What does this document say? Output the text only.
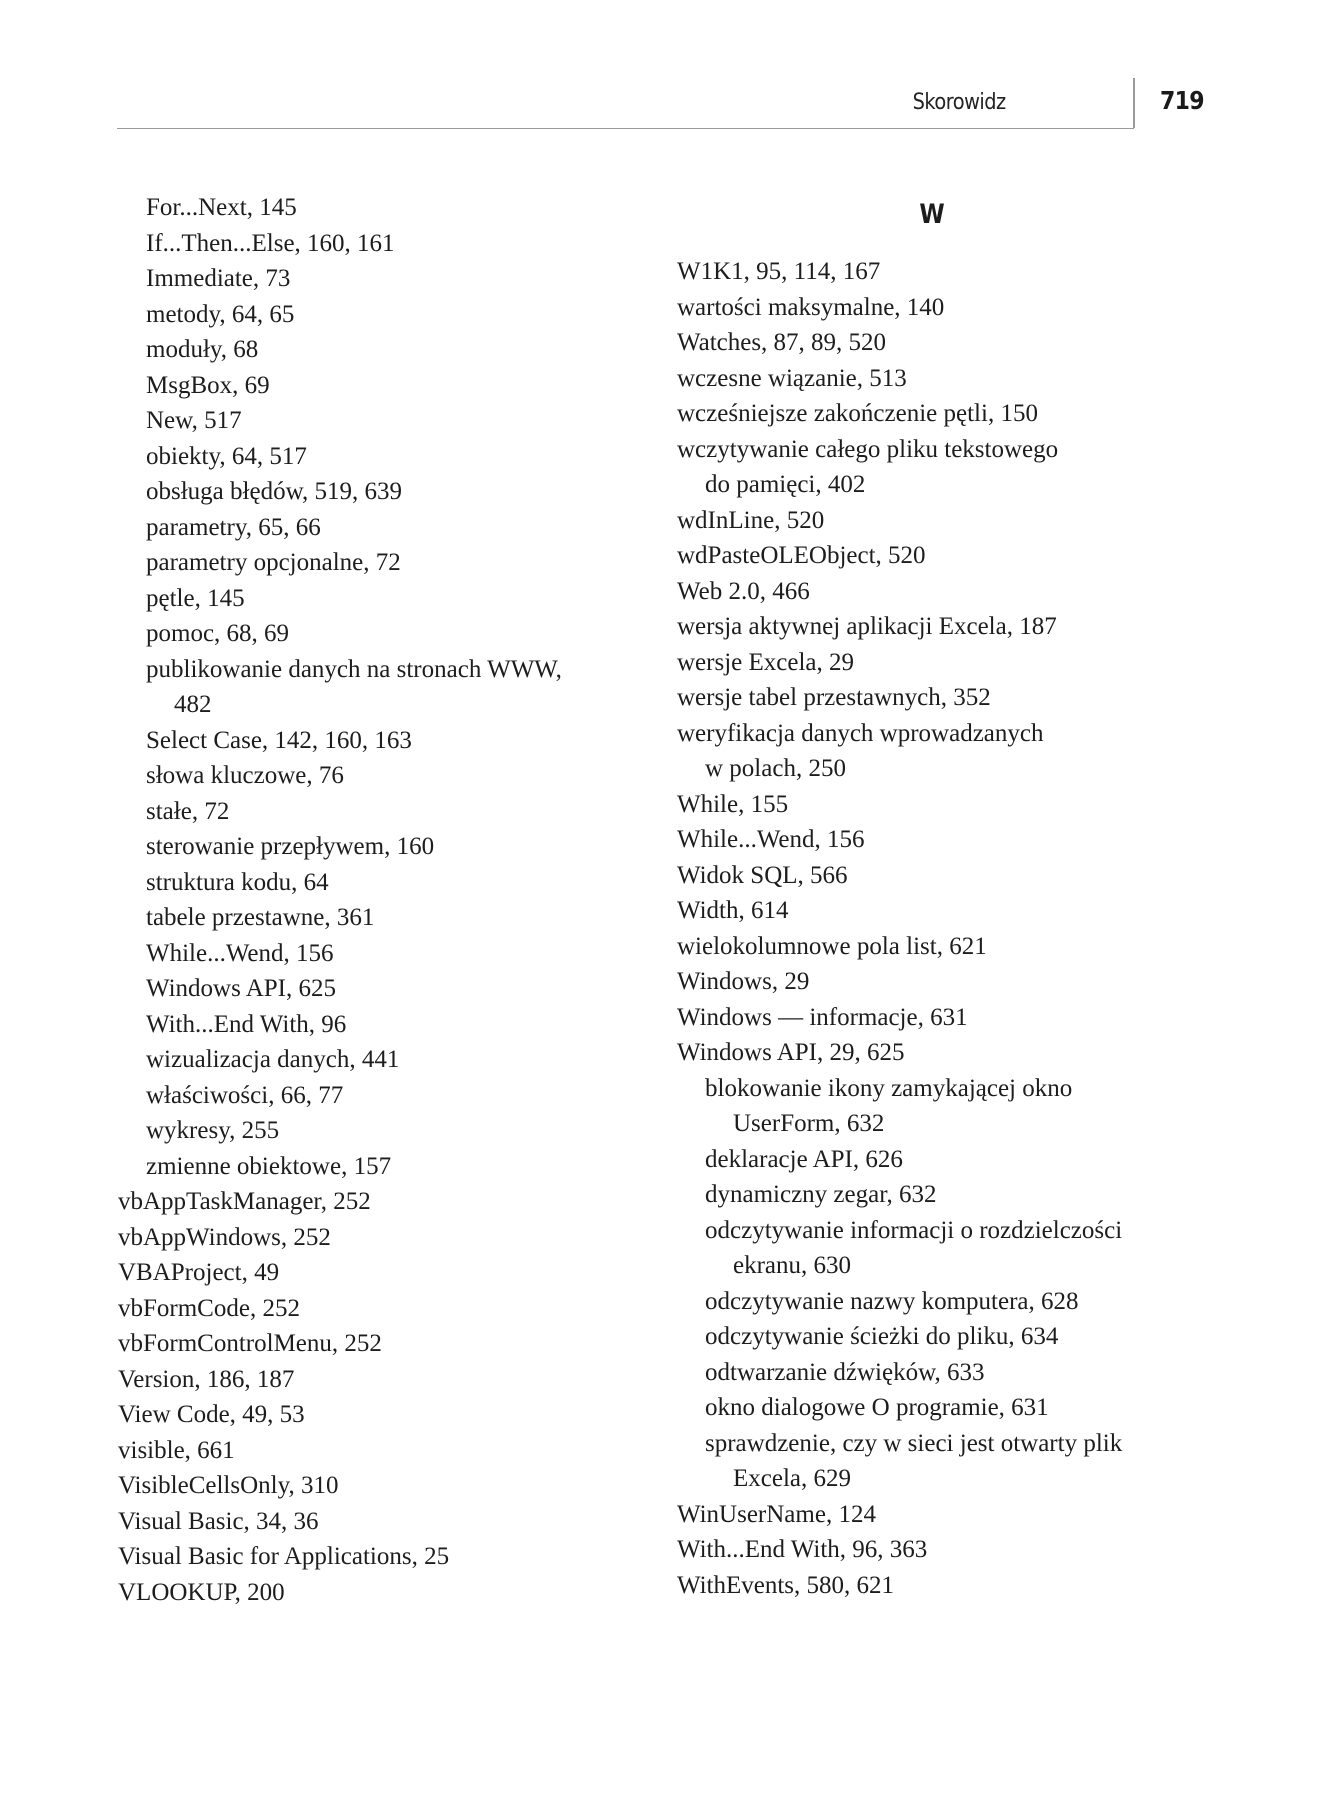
Skorowidz	719
For...Next, 145
If...Then...Else, 160, 161
Immediate, 73
metody, 64, 65
moduły, 68
MsgBox, 69
New, 517
obiekty, 64, 517
obsługa błędów, 519, 639
parametry, 65, 66
parametry opcjonalne, 72
pętle, 145
pomoc, 68, 69
publikowanie danych na stronach WWW,
482
Select Case, 142, 160, 163
słowa kluczowe, 76
stałe, 72
sterowanie przepływem, 160
struktura kodu, 64
tabele przestawne, 361
While...Wend, 156
Windows API, 625
With...End With, 96
wizualizacja danych, 441
właściwości, 66, 77
wykresy, 255
zmienne obiektowe, 157
vbAppTaskManager, 252
vbAppWindows, 252
VBAProject, 49
vbFormCode, 252
vbFormControlMenu, 252
Version, 186, 187
View Code, 49, 53
visible, 661
VisibleCellsOnly, 310
Visual Basic, 34, 36
Visual Basic for Applications, 25
VLOOKUP, 200
W
W1K1, 95, 114, 167
wartości maksymalne, 140
Watches, 87, 89, 520
wczesne wiązanie, 513
wcześniejsze zakończenie pętli, 150
wczytywanie całego pliku tekstowego
do pamięci, 402
wdInLine, 520
wdPasteOLEObject, 520
Web 2.0, 466
wersja aktywnej aplikacji Excela, 187
wersje Excela, 29
wersje tabel przestawnych, 352
weryfikacja danych wprowadzanych
w polach, 250
While, 155
While...Wend, 156
Widok SQL, 566
Width, 614
wielokolumnowe pola list, 621
Windows, 29
Windows — informacje, 631
Windows API, 29, 625
blokowanie ikony zamykającej okno
UserForm, 632
deklaracje API, 626
dynamiczny zegar, 632
odczytywanie informacji o rozdzielczości
ekranu, 630
odczytywanie nazwy komputera, 628
odczytywanie ścieżki do pliku, 634
odtwarzanie dźwięków, 633
okno dialogowe O programie, 631
sprawdzenie, czy w sieci jest otwarty plik
Excela, 629
WinUserName, 124
With...End With, 96, 363
WithEvents, 580, 621
